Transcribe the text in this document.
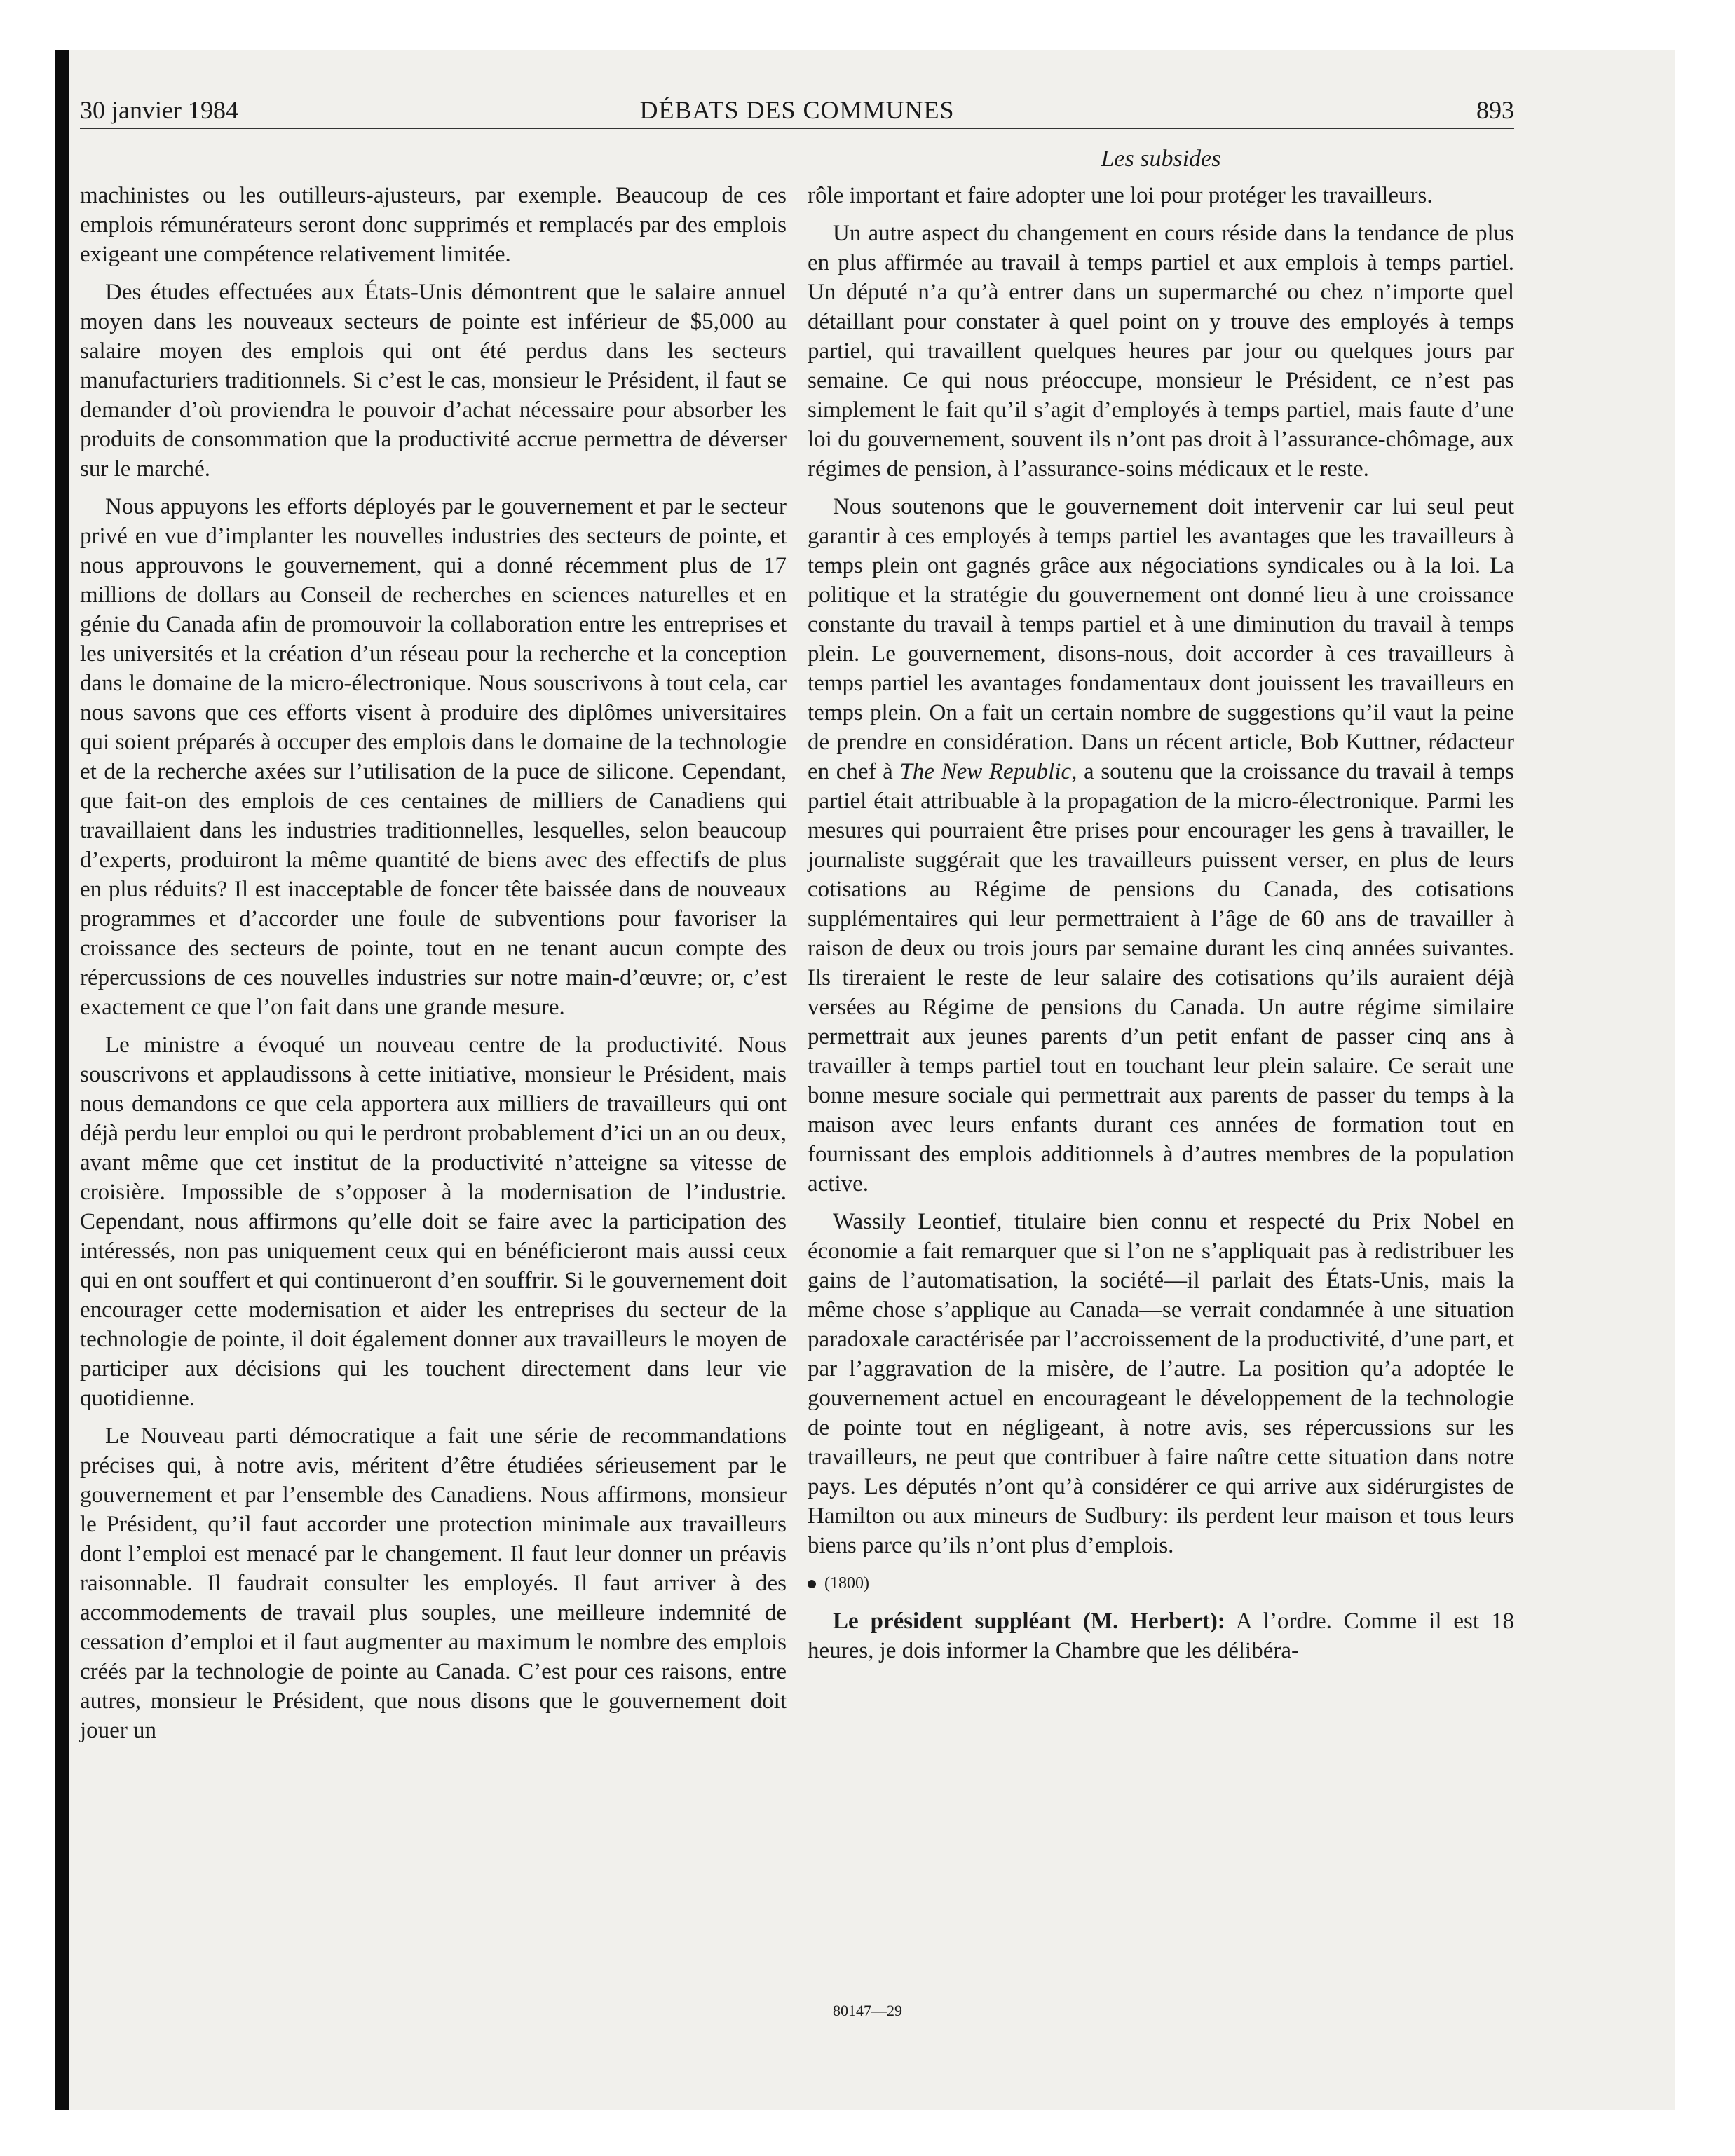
30 janvier 1984	DÉBATS DES COMMUNES	893
Les subsides

machinistes ou les outilleurs-ajusteurs, par exemple. Beaucoup de ces emplois rémunérateurs seront donc supprimés et remplacés par des emplois exigeant une compétence relativement limitée.

Des études effectuées aux États-Unis démontrent que le salaire annuel moyen dans les nouveaux secteurs de pointe est inférieur de $5,000 au salaire moyen des emplois qui ont été perdus dans les secteurs manufacturiers traditionnels. Si c’est le cas, monsieur le Président, il faut se demander d’où proviendra le pouvoir d’achat nécessaire pour absorber les produits de consommation que la productivité accrue permettra de déverser sur le marché.

Nous appuyons les efforts déployés par le gouvernement et par le secteur privé en vue d’implanter les nouvelles industries des secteurs de pointe, et nous approuvons le gouvernement, qui a donné récemment plus de 17 millions de dollars au Conseil de recherches en sciences naturelles et en génie du Canada afin de promouvoir la collaboration entre les entreprises et les universités et la création d’un réseau pour la recherche et la conception dans le domaine de la micro-électronique. Nous souscrivons à tout cela, car nous savons que ces efforts visent à produire des diplômes universitaires qui soient préparés à occuper des emplois dans le domaine de la technologie et de la recherche axées sur l’utilisation de la puce de silicone. Cependant, que fait-on des emplois de ces centaines de milliers de Canadiens qui travaillaient dans les industries traditionnelles, lesquelles, selon beaucoup d’experts, produiront la même quantité de biens avec des effectifs de plus en plus réduits? Il est inacceptable de foncer tête baissée dans de nouveaux programmes et d’accorder une foule de subventions pour favoriser la croissance des secteurs de pointe, tout en ne tenant aucun compte des répercussions de ces nouvelles industries sur notre main-d’œuvre; or, c’est exactement ce que l’on fait dans une grande mesure.

Le ministre a évoqué un nouveau centre de la productivité. Nous souscrivons et applaudissons à cette initiative, monsieur le Président, mais nous demandons ce que cela apportera aux milliers de travailleurs qui ont déjà perdu leur emploi ou qui le perdront probablement d’ici un an ou deux, avant même que cet institut de la productivité n’atteigne sa vitesse de croisière. Impossible de s’opposer à la modernisation de l’industrie. Cependant, nous affirmons qu’elle doit se faire avec la participation des intéressés, non pas uniquement ceux qui en bénéficieront mais aussi ceux qui en ont souffert et qui continueront d’en souffrir. Si le gouvernement doit encourager cette modernisation et aider les entreprises du secteur de la technologie de pointe, il doit également donner aux travailleurs le moyen de participer aux décisions qui les touchent directement dans leur vie quotidienne.

Le Nouveau parti démocratique a fait une série de recommandations précises qui, à notre avis, méritent d’être étudiées sérieusement par le gouvernement et par l’ensemble des Canadiens. Nous affirmons, monsieur le Président, qu’il faut accorder une protection minimale aux travailleurs dont l’emploi est menacé par le changement. Il faut leur donner un préavis raisonnable. Il faudrait consulter les employés. Il faut arriver à des accommodements de travail plus souples, une meilleure indemnité de cessation d’emploi et il faut augmenter au maximum le nombre des emplois créés par la technologie de pointe au Canada. C’est pour ces raisons, entre autres, monsieur le Président, que nous disons que le gouvernement doit jouer un

rôle important et faire adopter une loi pour protéger les travailleurs.

Un autre aspect du changement en cours réside dans la tendance de plus en plus affirmée au travail à temps partiel et aux emplois à temps partiel. Un député n’a qu’à entrer dans un supermarché ou chez n’importe quel détaillant pour constater à quel point on y trouve des employés à temps partiel, qui travaillent quelques heures par jour ou quelques jours par semaine. Ce qui nous préoccupe, monsieur le Président, ce n’est pas simplement le fait qu’il s’agit d’employés à temps partiel, mais faute d’une loi du gouvernement, souvent ils n’ont pas droit à l’assurance-chômage, aux régimes de pension, à l’assurance-soins médicaux et le reste.

Nous soutenons que le gouvernement doit intervenir car lui seul peut garantir à ces employés à temps partiel les avantages que les travailleurs à temps plein ont gagnés grâce aux négociations syndicales ou à la loi. La politique et la stratégie du gouvernement ont donné lieu à une croissance constante du travail à temps partiel et à une diminution du travail à temps plein. Le gouvernement, disons-nous, doit accorder à ces travailleurs à temps partiel les avantages fondamentaux dont jouissent les travailleurs en temps plein. On a fait un certain nombre de suggestions qu’il vaut la peine de prendre en considération. Dans un récent article, Bob Kuttner, rédacteur en chef à The New Republic, a soutenu que la croissance du travail à temps partiel était attribuable à la propagation de la micro-électronique. Parmi les mesures qui pourraient être prises pour encourager les gens à travailler, le journaliste suggérait que les travailleurs puissent verser, en plus de leurs cotisations au Régime de pensions du Canada, des cotisations supplémentaires qui leur permettraient à l’âge de 60 ans de travailler à raison de deux ou trois jours par semaine durant les cinq années suivantes. Ils tireraient le reste de leur salaire des cotisations qu’ils auraient déjà versées au Régime de pensions du Canada. Un autre régime similaire permettrait aux jeunes parents d’un petit enfant de passer cinq ans à travailler à temps partiel tout en touchant leur plein salaire. Ce serait une bonne mesure sociale qui permettrait aux parents de passer du temps à la maison avec leurs enfants durant ces années de formation tout en fournissant des emplois additionnels à d’autres membres de la population active.

Wassily Leontief, titulaire bien connu et respecté du Prix Nobel en économie a fait remarquer que si l’on ne s’appliquait pas à redistribuer les gains de l’automatisation, la société—il parlait des États-Unis, mais la même chose s’applique au Canada—se verrait condamnée à une situation paradoxale caractérisée par l’accroissement de la productivité, d’une part, et par l’aggravation de la misère, de l’autre. La position qu’a adoptée le gouvernement actuel en encourageant le développement de la technologie de pointe tout en négligeant, à notre avis, ses répercussions sur les travailleurs, ne peut que contribuer à faire naître cette situation dans notre pays. Les députés n’ont qu’à considérer ce qui arrive aux sidérurgistes de Hamilton ou aux mineurs de Sudbury: ils perdent leur maison et tous leurs biens parce qu’ils n’ont plus d’emplois.

(1800)

Le président suppléant (M. Herbert): A l’ordre. Comme il est 18 heures, je dois informer la Chambre que les délibéra-

80147—29
